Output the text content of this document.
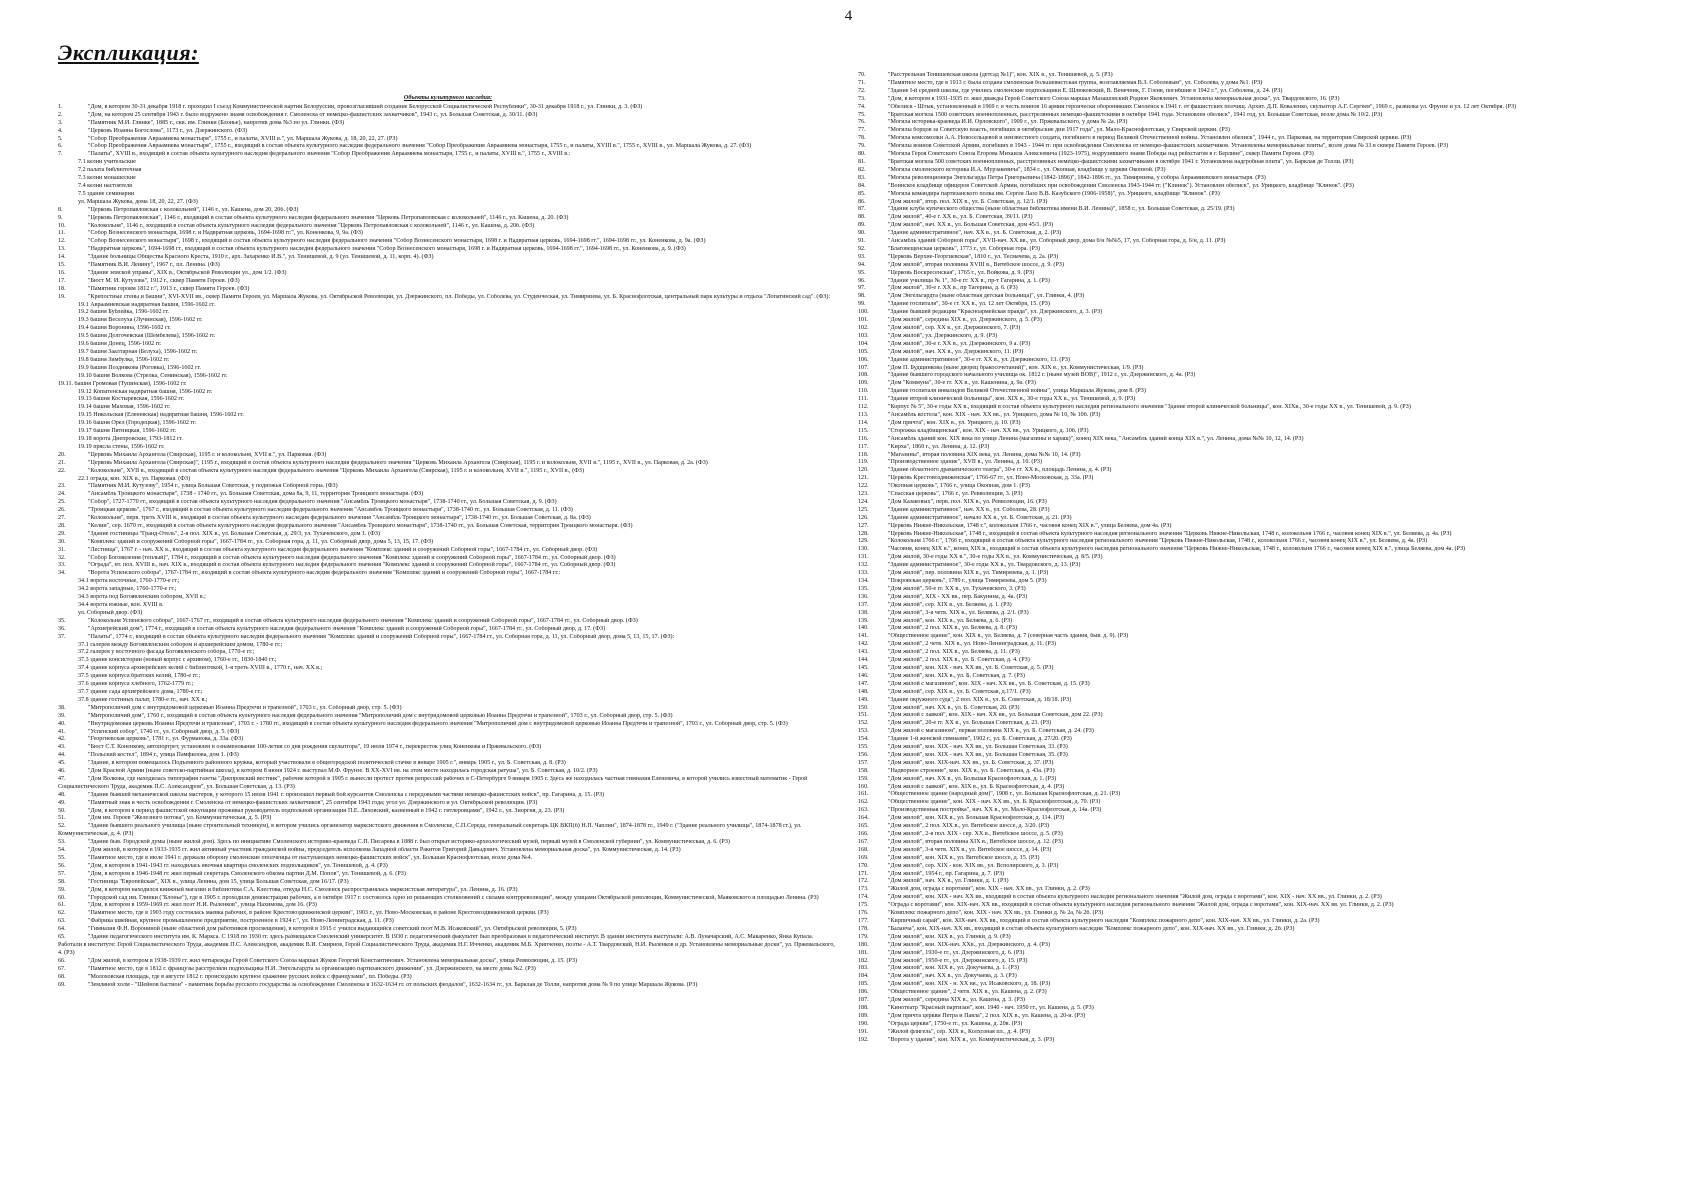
4
Экспликация:
Объекты культурного наследия:
1.	"Дом, в котором 30-31 декабря 1918 г. проходил I съезд Коммунистической партии Белоруссии, провозгласивший создание Белорусской Социалистической Республики", 30-31 декабря 1918 г., ул. Глинки, д. 3. (ФЗ)
2.	"Дом, на котором 25 сентября 1943 г. было водружено знамя освобождения г. Смоленска от немецко-фашистских захватчиков", 1943 г., ул. Большая Советская, д. 30/11. (ФЗ)
3.	"Памятник М.И. Глинке", 1885 г., скв. им. Глинки (Блонье), напротив дома №3 по ул. Глинки. (ФЗ)
4.	"Церковь Иоанна Богослова", 1173 г., ул. Дзержинского. (ФЗ)
5.	"Собор Преображения Авраамиева монастыря", 1755 г., и палаты, XVIII в.", ул. Маршала Жукова, д. 18, 20, 22, 27. (РЗ)
6.	"Собор Преображения Авраамиева монастыря", 1755 г., входящий в состав объекта культурного наследия федерального значения "Собор Преображения Авраамиева монастыря, 1755 г., и палаты, XVIII в.", 1755 г., XVIII в., ул. Маршала Жукова, д. 27. (ФЗ)
7.	"Палаты", XVIII в., входящий в состав объекта культурного наследия федерального значения "Собор Преображения Авраамиева монастыря, 1755 г., и палаты, XVIII в.", 1755 г., XVIII в.:
7.1 келии учительские
7.2 палата библиотечная
7.3 келии монашеские
7.4 келии настоятеля
7.5 здание семинарии
ул. Маршала Жукова, дома 18, 20, 22, 27. (ФЗ)
8.	"Церковь Петропавловская с колокольней", 1146 г., ул. Кашена, дом 20, 20б. (ФЗ)
9.	"Церковь Петропавловская", 1146 г., входящий в состав объекта культурного наследия федерального значения "Церковь Петропавловская с колокольней", 1146 г., ул. Кашена, д. 20. (ФЗ)
10.	"Колокольня", 1146 г., входящий в состав объекта культурного наследия федерального значения "Церковь Петропавловская с колокольней", 1146 г., ул. Кашена, д. 20б. (ФЗ)
11.	"Собор Вознесенского монастыря, 1698 г. и Надвратная церковь, 1694-1698 гг.", ул. Коненкова, 9, 9а. (ФЗ)
12.	"Собор Вознесенского монастыря", 1698 г., входящий в состав объекта культурного наследия федерального значения "Собор Вознесенского монастыря, 1698 г. и Надвратная церковь, 1694-1698 гг.", 1694-1698 гг., ул. Коненкова, д. 9а. (ФЗ)
13.	"Надвратная церковь", 1694-1698 гг., входящий в состав объекта культурного наследия федерального значения "Собор Вознесенского монастыря, 1698 г. и Надвратная церковь, 1694-1698 гг.", 1694-1698 гг., ул. Коненкова, д. 9. (ФЗ)
14.	"Здание больницы Общества Красного Креста, 1910 г., арх. Захаренко И.В.", ул. Тенишевой, д. 9 (ул. Тенишевой, д. 11, корп. 4). (ФЗ)
15.	"Памятник В.И. Ленину", 1967 г., пл. Ленина. (ФЗ)
16.	"Здание земской управы", XIX в., Октябрьской Революции ул., дом 1/2. (ФЗ)
17.	"Бюст М. И. Кутузова", 1912 г., сквер Памяти Героев. (ФЗ)
18.	"Памятник героям 1812 г.", 1913 г., сквер Памяти Героев. (ФЗ)
19.	"Крепостные стены и башни", XVI-XVII вв., сквер Памяти Героев, ул. Маршала Жукова, ул. Октябрьской Революции, ул. Дзержинского, пл. Победы, ул. Соболева, ул. Студенческая, ул. Тимирязева, ул. Б. Краснофлотская, центральный парк культуры и отдыха "Лопатинский сад". (ФЗ):
19.1 Авраамиевская надвратная башня, 1596-1602 гг.
19.2 башня Бублейка, 1596-1602 гг.
19.3 башня Веселуха (Лучинская), 1596-1602 гг.
19.4 башня Воронина, 1596-1602 гг.
19.5 башня Долгочевская (Шембелева), 1596-1602 гг.
19.6 башня Донец, 1596-1602 гг.
19.7 башня Заалтарная (Белуха), 1596-1602 гг.
19.8 башня Зимбулка, 1596-1602 гг.
19.9 башня Позднякова (Роговка), 1596-1602 гг.
19.10 башня Волкова (Стрелка, Семинская), 1596-1602 гг.
19.11. башня Громовая (Тупинская), 1596-1602 гг.
19.12 Копытенская надвратная башня, 1596-1602 гг.
19.13 башня Костыревская, 1596-1602 гг.
19.14 башня Маховая, 1596-1602 гг.
19.15 Никольская (Еленевская) надвратная башня, 1596-1602 гг.
19.16 башня Орел (Городецкая), 1596-1602 гг.
19.17 башня Пятницкая, 1596-1602 гг.
19.18 ворота Днепровские, 1793-1812 гг.
19.19 прясла стены, 1596-1602 гг.
20.	"Церковь Михаила Архангела (Свирская), 1195 г. и колокольня, XVII в.", ул. Парковая. (ФЗ)
21.	"Церковь Михаила Архангела (Свирская)", 1195 г., входящий в состав объекта культурного наследия федерального значения "Церковь Михаила Архангела (Свирская), 1195 г. и колокольня, XVII в.", 1195 г., XVII в., ул. Парковая, д. 2а. (ФЗ)
22.	"Колокольня", XVII в., входящий в состав объекта культурного наследия федерального значения "Церковь Михаила Архангела (Свирская), 1195 г. и колокольня, XVII в.", 1195 г., XVII в., (ФЗ)
22.1 ограда, кон. XIX в., ул. Парковая. (ФЗ)
23.	"Памятник М.И. Кутузову", 1954 г., улица Большая Советская, у подножья Соборной горы. (ФЗ)
24.	"Ансамбль Троицкого монастыря", 1738 - 1740 гг., ул. Большая Советская, дома 8а, 9, 11, территория Троицкого монастыря. (ФЗ)
25.	"Собор", 1727-1770 гг., входящий в состав объекта культурного наследия федерального значения "Ансамбль Троицкого монастыря", 1738-1740 гг., ул. Большая Советская, д. 9. (ФЗ)
26.	"Троицкая церковь", 1767 г., входящий в состав объекта культурного наследия федерального значения "Ансамбль Троицкого монастыря", 1738-1740 гг., ул. Большая Советская, д. 11. (ФЗ)
27.	"Колокольня", перв. треть XVIII в., входящий в состав объекта культурного наследия федерального значения "Ансамбль Троицкого монастыря", 1738-1740 гг., ул. Большая Советская, д. 8а. (ФЗ)
28.	"Келии", сер. 1670 гг., входящий в состав объекта культурного наследия федерального значения "Ансамбль Троицкого монастыря", 1738-1740 гг., ул. Большая Советская, территория Троицкого монастыря. (ФЗ)
29.	"Здание гостиницы "Гранд-Отель", 2-я пол. XIX в., ул. Большая Советская, д. 29/3, ул. Тухачевского, дом 1. (ФЗ)
30.	"Комплекс зданий и сооружений Соборной горы", 1667-1784 гг., ул. Соборная гора, д. 11, ул. Соборный двор, дома 5, 13, 15, 17. (ФЗ)
31.	"Лестница", 1767 г. - нач. XX в., входящий в состав объекта культурного наследия федерального значения "Комплекс зданий и сооружений Соборной горы", 1667-1784 гг., ул. Соборный двор. (ФЗ)
32.	"Собор Богоявления (теплый)", 1784 г., входящий в состав объекта культурного наследия федерального значения "Комплекс зданий и сооружений Соборной горы", 1667-1784 гг., ул. Соборный двор. (ФЗ)
33.	"Ограда", нт. пол. XVIII в., нач. XIX в., входящий в состав объекта культурного наследия федерального значения "Комплекс зданий и сооружений Соборной горы", 1667-1784 гг., ул. Соборный двор. (ФЗ)
34.	"Ворота Успенского собора", 1767-1784 гг., входящий в состав объекта культурного наследия федерального значения "Комплекс зданий и сооружений Соборной горы", 1667-1784 гг.:
34.1 ворота восточные, 1760-1770-е гг.;
34.2 ворота западные, 1760-1770-е гг.;
34.3 ворота под Богоявленским собором, XVII в.;
34.4 ворота южные, кон. XVIII в.
ул. Соборный двор. (ФЗ)
35.	"Колокольня Успенского собора", 1667-1767 гг., входящий в состав объекта культурного наследия федерального значения "Комплекс зданий и сооружений Соборной горы", 1667-1784 гг., ул. Соборный двор. (ФЗ)
36.	"Архиерейский дом", 1774 г., входящий в состав объекта культурного наследия федерального значения "Комплекс зданий и сооружений Соборной горы", 1667-1784 гг., ул. Соборный двор, д. 17. (ФЗ)
37.	"Палаты", 1774 г., входящий в состав объекта культурного наследия федерального значения "Комплекс зданий и сооружений Соборной горы", 1667-1784 гг., ул. Соборная гора, д. 11, ул. Соборный двор, дома 5, 13, 15, 17. (ФЗ):
37.1 галерея между Богоявленским собором и архиерейским домом, 1780-е гг.;
37.2 галерея у восточного фасада Богоявленского собора, 1770-е гг.;
37.3 здание консистории (новый корпус с архивом), 1760-е гг., 1830-1840 гг.;
37.4 здание корпуса архиерейских келий с библиотекой, 1-я треть XVIII в., 1770 г., нач. XX в.;
37.5 здание корпуса братских келий, 1780-е гг.;
37.6 здание корпуса хлебного, 1762-1779 гг.;
37.7 здание сада архиерейского дома, 1780-е гг.;
37.8 здание гостиных палат, 1780-е гг., нач. XX в.;
38.	"Митрополичий дом с внутридомовой церковью Иоанна Предтечи и трапезной", 1703 г., ул. Соборный двор, стр. 5. (ФЗ)
39.	"Митрополичий дом", 1760 г., входящий в состав объекта культурного наследия федерального значения "Митрополичий дом с внутридомовой церковью Иоанна Предтечи и трапезной", 1703 г., ул. Соборный двор, стр. 5. (ФЗ)
40.	"Внутридомовая церковь Иоанна Предтечи и трапезная", 1703 г. - 1780 гг., входящий в состав объекта культурного наследия федерального значения "Митрополичий дом с внутридомовой церковью Иоанна Предтечи и трапезной", 1703 г., ул. Соборный двор, стр. 5. (ФЗ)
41.	"Успенский собор", 1740 гг., ул. Соборный двор, д. 5. (ФЗ)
42.	"Георгиевская церковь", 1781 г., ул. Фурманова, д. 33а. (ФЗ)
43.	"Бюст С.Т. Коненкову, автопортрет, установлен в ознаменование 100-летия со дня рождения скульптора", 19 июля 1974 г., перекресток улиц Коненкова и Пржевальского. (ФЗ)
44.	"Польский костел", 1894 г., улица Памфилова, дом 1. (ФЗ)
45.	"Здание, в котором помещалось Подъемного районного кружка, который участвовали в общегородской политической стачке в январе 1905 г.", январь 1905 г., ул. Б. Советская, д. 8. (РЗ)
46.	"Дом Красной Армии (ныне советско-партийная школа), в котором 8 июня 1924 г. выступал М.Ф. Фрунзе. В XX-XVI вв. на этом месте находилась городская ратуша", ул. Б. Советская, д. 10/2. (РЗ)
47.	"Дом Волкова, где находилась типография газеты "Днепровский вестник", рабочие которой в 1905 г. вынесли протест против репрессий рабочих в С-Петербурге 9 января 1905 г. Здесь же находилась частная гимназия Еленевича, в которой учились известный математик - Герой Социалистического Труда, академик П.С. Александров", ул. Большая Советская, д. 13. (РЗ)
48.	"Здание бывшей механической школы мастеров, у которого 15 июля 1941 г. произошел первый бой курсантов Смоленска с передовыми частями немецко-фашистских войск", пр. Гагарина, д. 15. (РЗ)
49.	"Памятный знак в честь освобождения г. Смоленска от немецко-фашистских захватчиков", 25 сентября 1943 года; угол ул. Дзержинского и ул. Октябрьской революции. (РЗ)
50.	"Дом, в котором в период фашистской оккупации проживал руководитель подпольной организации П.Е. Ляховский, казненный в 1942 г. гитлеровцами", 1942 г., ул. Зиоргия, д. 23. (РЗ)
51.	"Дом им. Героев "Железного потока", ул. Коммунистическая, д. 5. (РЗ)
52.	"Здание бывшего реального училища (ныне строительный техникум), в котором учились организатор марксистского движения в Смоленске, С.П.Середа, генеральный секретарь ЦК ВКП(б) Н.П. Чаплин", 1874-1878 гг., 1949 г. ("Здание реального училища", 1874-1878 гг.), ул. Коммунистическая, д. 4. (РЗ)
53.	"Здание быв. Городской думы (ныне жилой дом). Здесь по инициативе Смоленского историко-краеведа С.П. Писарева в 1888 г. был открыт историко-археологический музей, первый музей в Смоленской губернии", ул. Коммунистическая, д. 6. (РЗ)
54.	"Дом жилой, в котором в 1933-1935 гг. жил активный участник гражданской войны, председатель исполкома Западной области Ракитов Григорий Давыдович. Установлена мемориальная доска", ул. Коммунистическая, д. 14. (РЗ)
55.	"Памятное место, где в июле 1941 г. держали оборону смоленские ополченцы от наступающих немецко-фашистских войск", ул. Большая Краснофлотская, возле дома №4.
56.	"Дом, в котором в 1941-1943 гг. находилась явочная квартира смоленских подпольщиков", ул. Тенишевой, д. 4. (РЗ)
57.	"Дом, в котором в 1946-1948 гг. жил первый секретарь Смоленского обкома партии Д.М. Попов", ул. Тенишевой, д. 6. (РЗ)
58.	"Гостиница "Европейская", XIX в., улица Ленина, дом 15, улица Большая Советская, дом 16/17. (РЗ)
59.	"Дом, в котором находился книжный магазин и библиотека С.А. Клестова, откуда Н.С. Смоленск распространялась марксистская литература", ул. Ленина, д. 16. (РЗ)
60.	"Городской сад им. Глинки ("Блонье"), где в 1905 г. проходили демонстрации рабочих, а в октябре 1917 г. состоялось одно из решающих столкновений с силами контрреволюции", между улицами Октябрьской революции, Коммунистической, Маяковского и площадью Ленина. (РЗ)
61.	"Дом, в котором в 1959-1969 гг. жил поэт Н.И. Рыленков", улица Нахимова, дом 16. (РЗ)
62.	"Памятное место, где в 1903 году состоялась маевка рабочих, в районе Крестовоздвиженской церкви", 1903 г., ул. Ново-Московская, в районе Крестовоздвиженской церкви. (РЗ)
63.	"Фабрика швейная, крупное промышленное предприятие, построенное в 1924 г.", ул. Ново-Ленинградская, д. 11. (РЗ)
64.	"Гимназия Ф.Н. Ворониной (ныне областной дом работников просвещения), в которой в 1915 г. учился выдающийся советский поэт М.В. Исаковский", ул. Октябрьской революции, 5. (РЗ)
65.	"Здание педагогического института им. К. Маркса. С 1918 по 1930 гг. здесь размещался Смоленский университет. В 1930 г. педагогический факультет был преобразован в педагогический институт. В здании института выступали: А.В. Луначарский, А.С. Макаренко, Янка Купала. Работали в институте: Герой Социалистического Труда, академик П.С. Александров, академик В.И. Смирнов, Герой Социалистического Труда, академик Н.Г. Ичченко, академик М.Б. Хрипченко, поэты - А.Т. Твардовский, Н.И. Рыленков и др. Установлены мемориальные доски", ул. Пржевальского, 4. (РЗ)
66.	"Дом жилой, в котором в 1938-1939 гг. жил четырежды Герой Советского Союза маршал Жуков Георгий Константинович. Установлена мемориальная доска", улица Ревволюции, д. 15. (РЗ)
67.	"Памятное место, где в 1812 г. французы расстреляли подпольщика Н.И. Энгельгардта за организацию партизанского движения", ул. Дзержинского, на месте дома №2. (РЗ)
68.	"Молоховская площадь, где в августе 1812 г. происходило крупное сражение русских войск с французами", пл. Победы. (РЗ)
69.	"Земляной холм - "Шейнов бастион" - памятник борьбы русского государства за освобождение Смоленска в 1632-1634 гг. от польских феодалов", 1632-1634 гг., ул. Барклая де Толли, напротив дома № 9 по улице Маршала Жукова. (РЗ)
70.	"Расстрельная Тенишевская школа (детсад №1)", кон. XIX в., ул. Тенишевой, д. 5. (РЗ)
71.	"Памятное место, где в 1913 г. была создана смоленская большевистская группа, возглавляемая В.З. Соболевым", ул. Соболева, у дома №1. (РЗ)
72.	"Здание I-й средней школы, где учились смоленские подпольщики Е. Шлюковский, В. Венечник, Г. Гоенв, погибшие в 1942 г.", ул. Соболева, д. 24. (РЗ)
73.	"Дом, в котором в 1931-1935 гг. жил дважды Герой Советского Союза маршал Мазашовский Родион Яковлевич. Установлена мемориальная доска", ул. Твардовского, 16. (РЗ)
74.	"Обелиск - Штык, установленный в 1969 г. в честь воинов 16 армии героически оборонявших Смоленск в 1941 г. от фашистских полчищ. Архит. Д.П. Коваленко, скульптор А.Г. Сергеев", 1969 г., развилка ул. Фрунзе и ул. 12 лет Октября. (РЗ)
75.	"Братская могила 1500 советских военнопленных, расстрелянных немецко-фашистскими в октябре 1941 года. Установлен обелиск", 1941 год, ул. Большая Советская, возле дома № 10/2. (РЗ)
76.	"Могила историка-краеведа И.И. Орловского", 1909 г., ул. Пржевальского, у дома № 2а. (РЗ)
77.	"Могилы борцов за Советскую власть, погибших в октябрьские дни 1917 года", ул. Мало-Краснофлотская, у Свирской церкви. (РЗ)
78.	"Могила комсомолки А.А. Новосельцевой и неизвестного солдата, погибшего в период Великой Отечественной войны. Установлен обелиск", 1944 г., ул. Парковая, на территории Свирской церкви. (РЗ)
79.	"Могилы воинов Советской Армии, погибших в 1943 - 1944 гг. при освобождении Смоленска от немецко-фашистских захватчиков. Установлены мемориальные плиты", возле дома № 33 в сквере Памяти Героев. (РЗ)
80.	"Могила Героя Советского Союза Егорова Михаила Алексеевича (1923-1975), водрузившего знамя Победы над рейхстагом в г. Берлине", сквер Памяти Героев. (РЗ)
81.	"Братская могила 500 советских военнопленных, расстрелянных немецко-фашистскими захватчиками в октябре 1941 г. Установлена надгробная плита", ул. Барклая де Толли. (РЗ)
82.	"Могила смоленского историка И.А. Мурзакевича", 1834 г., ул. Окопная, кладбище у церкви Окопной. (РЗ)
83.	"Могила революционера Энгельгарда Петра Григорьевича (1842-1896)", 1842-1896 гг., ул. Тимирязева, у собора Авраамиевского монастыря. (РЗ)
84.	"Воинское кладбище офицеров Советской Армии, погибших при освобождении Смоленска 1943-1944 гг. ("Клинок"). Установлен обелиск", ул. Урицкого, кладбище "Клинок". (РЗ)
85.	"Могила командира партизанского полка им. Сергея Лазо В.В. Казубского (1906-1958)", ул. Урицкого, кладбище "Клинок". (РЗ)
86.	"Дом жилой", втор. пол. XIX в., ул. Б. Советская, д. 12/1. (РЗ)
87.	"Здание клуба купеческого общества (ныне областная библиотека имени В.И. Ленина)", 1858 г., ул. Большая Советская, д. 25/19. (РЗ)
88.	"Дом жилой", 40-е г. XX в., ул. Б. Советская, 39/11. (РЗ)
89.	"Дом жилой", нач. XX в., ул. Большая Советская, дом 45/1. (РЗ)
90.	"Здание административное", нач. XX в., ул. Б. Советская, д. 2. (РЗ)
91.	"Ансамбль зданий Соборной горы", XVII-нач. XX вв., ул. Соборный двор, дома б/н №№5, 17, ул. Соборная гора, д. 6/н, д. 11. (РЗ)
92.	"Благовещенская церковь", 1773 г., ул. Соборная гора. (РЗ)
93.	"Церковь Верхне-Георгиевская", 1810 г., ул. Тесмачева, д. 2а. (РЗ)
94.	"Дом жилой", вторая половина XVIII в., Витебское шоссе, д. 9. (РЗ)
95.	"Церковь Воскресенская", 1765 г., ул. Войкова, д. 9. (РЗ)
96.	"Здание училища № 1", 30-е гг. XX в., пр-т Гагарина, д. 1. (РЗ)
97.	"Дом жилой", 30-е г. XX в., пр Тагерина, д. 6. (РЗ)
98.	"Дом Энгельгардта (ныне областная детская больница)", ул. Глинки, 4. (РЗ)
99.	"Здание госпиталя", 30-е гг. XX в., ул. 12 лет Октября, 15. (РЗ)
100.	"Здание бывшей редакции "Красноармейская правда", ул. Дзержинского, д. 3. (РЗ)
101.	"Дом жилой", середина XIX в., ул. Дзержинского, д. 5. (РЗ)
102.	"Дом жилой", сер. XX в., ул. Дзержинского, 7. (РЗ)
103.	"Дом жилой", ул. Дзержинского, д. 9. (РЗ)
104.	"Дом жилой", 30-е г. XX в., ул. Дзержинского, 9 а. (РЗ)
105.	"Дом жилой", нач. XX в., ул. Дзержинского, 11. (РЗ)
106.	"Здание административное", 30-е гг. XX в., ул. Дзержинского, 13. (РЗ)
107.	"Дом П. Будщинкова (ныне дворец бракосочетаний)", кон. XIX в., ул. Коммунистическая, 1/9. (РЗ)
108.	"Здание бывшего городского начального училища ок. 1812 г. (ныне музей ВОВ)", 1912 г., ул. Дзержинского, д. 4а. (РЗ)
109.	"Дом "Коммуна", 30-е гг. XX в., ул. Кашенина, д. 9а. (РЗ)
110.	"Здание госпиталя инвалидов Великой Отечественной войны", улица Маршала Жукова, дом 8. (РЗ)
111.	"Здание второй клинической больницы", кон. XIX в., 30-е годы XX в., ул. Тенишевой, д. 9. (РЗ)
112.	"Корпус № 5", 30-е годы XX в., входящий в состав объекта культурного наследия регионального значения "Здание второй клинической больницы", кон. XIXв., 30-е годы XX в., ул. Тенишевой, д. 9. (РЗ)
113.	"Ансамбль костела", кон. XIX - нач. XX вв., ул. Урицкого, дома № 10, № 10б. (РЗ)
114.	"Дом причта", кон. XIX в., ул. Урицкого, д. 10. (РЗ)
115.	"Сторожка кладбищенская", кон. XIX - нач. XX вв., ул. Урицкого, д. 10б. (РЗ)
116.	"Ансамбль зданий кон. XIX века по улице Ленина (магазины и хараш)", конец XIX века, "Ансамбль зданий конца XIX в.", ул. Ленина, дома №№ 10, 12, 14. (РЗ)
117.	"Кирха", 1860 г., ул. Ленина, д. 12. (РЗ)
118.	"Магазины", вторая половина XIX века, ул. Ленина, дома №№ 10, 14. (РЗ)
119.	"Производственное здание", XVII в., ул. Ленина, д. 10. (РЗ)
120.	"Здание областного драматического театра", 30-е гг. XX в., площадь Ленина, д. 4. (РЗ)
121.	"Церковь Крестовоздвиженская", 1766-67 гг., ул. Ново-Московская, д. 33а. (РЗ)
122.	"Окопная церковь", 1766 г., улица Окопная, дом 1. (РЗ)
123.	"Спасская церковь", 1766 г., ул. Ревволюции, 3. (РЗ)
124.	"Дом Казаковых", перв. пол. XIX в., ул. Ревволюции, 16. (РЗ)
125.	"Здание административное", нач. XX в., ул. Соболева, 28. (РЗ)
126.	"Здание административное", начало XX в., ул. Б. Советская, д. 21. (РЗ)
127.	"Церковь Нижне-Никольская, 1748 г.", колокольня 1766 г., часовня конец XIX в.", улица Беляева, дом 4а. (РЗ)
128.	"Церковь Нижне-Никольская", 1748 г., входящий в состав объекта культурного наследия регионального значения "Церковь Нижне-Никольская, 1748 г., колокольня 1766 г., часовня конец XIX в.", ул. Беляева, д. 4а. (РЗ)
129.	"Колокольня 1766 г.", 1766 г., входящий в состав объекта культурного наследия регионального значения "Церковь Нижне-Никольская, 1748 г., колокольня 1766 г., часовня конец XIX в.", ул. Беляева, д. 4а. (РЗ)
130.	"Часовня, конец XIX в.", конец XIX в., входящий в состав объекта культурного наследия регионального значения "Церковь Нижне-Никольская, 1748 г., колокольня 1766 г., часовня конец XIX в.", улица Беляева, дом 4а. (РЗ)
131.	"Дом жилой, 30-е годы XX в.", 30-е годы XX в., ул. Коммунистическая, д. 8/5. (РЗ)
132.	"Здание административное", 30-е годы XX в., ул. Твардовского, д. 13. (РЗ)
133.	"Дом жилой", пер. половина XIX в., ул. Тимирязева, д. 1. (РЗ)
134.	"Покровская церковь", 1789 г., улица Тимирязева, дом 5. (РЗ)
135.	"Дом жилой", 50-е гг. XX в., ул. Тухачевского, 3. (РЗ)
136.	"Дом жилой", XIX - XX вв., пер. Бакунина, д. 4а. (РЗ)
137.	"Дом жилой", сер. XIX в., ул. Беляева, д. 1. (РЗ)
138.	"Дом жилой", 3-я четв. XIX в., ул. Беляева, д. 2/1. (РЗ)
139.	"Дом жилой", кон. XIX в., ул. Беляева, д. 6. (РЗ)
140.	"Дом жилой", 2 пол. XIX в., ул. Беляева, д. 8. (РЗ)
141.	"Общественное здание", кон. XIX в., ул. Беляева, д. 7 (северная часть здания, быв. д. 9). (РЗ)
142.	"Дом жилой", 2 четв. XIX в., ул. Ново-Ленинградская, д. 11. (РЗ)
143.	"Дом жилой", 2 пол. XIX в., ул. Беляева, д. 11. (РЗ)
144.	"Дом жилой", 2 пол. XIX в., ул. Б. Советская, д. 4. (РЗ)
145.	"Дом жилой", кон. XIX - нач. XX вв., ул. Б. Советская, д. 5. (РЗ)
146.	"Дом жилой", кон. XIX в., ул. Б. Советская, д. 7. (РЗ)
147.	"Дом жилой с магазином", кон. XIX - нач. XX вв., ул. Б. Советская, д. 15. (РЗ)
148.	"Дом жилой", сер. XIX в., ул. Б. Советская, д.17/1. (РЗ)
149.	"Здание окружного суда", 2 пол. XIX в., ул. Б. Советская, д. 18/18. (РЗ)
150.	"Дом жилой", нач. XX в., ул. Б. Советская, 20. (РЗ)
151.	"Дом жилой с лавкой", кон. XIX - нач. XX вв., ул. Большая Советская, дом 22. (РЗ)
152.	"Дом жилой", 20-е гг. XX в., ул. Большая Советская, д. 23. (РЗ)
153.	"Дом жилой с магазином", первая половина XIX в., ул. Б. Советская, д. 24. (РЗ)
154.	"Здание 1-й женской гимназии", 1902 г., ул. Б. Советская, д. 27/20. (РЗ)
155.	"Дом жилой", кон. XIX - нач. XX вв., ул. Большая Советская, 33. (РЗ)
156.	"Дом жилой", кон. XIX - нач. XX вв., ул. Большая Советская, 35. (РЗ)
157.	"Дом жилой", кон. XIX-нач. XX вв., ул. Б. Советская, д. 37. (РЗ)
158.	"Надворное строение", кон. XIX в., ул. Б. Советская, д. 43а. (РЗ)
159.	"Дом жилой", нач. XX в., ул. Большая Краснофлотская, д. 1. (РЗ)
160.	"Дом жилой с лавкой", кон. XIX в., ул. Б. Краснофлотская, д. 4. (РЗ)
161.	"Общественное здание (народный дом)", 1908 г., ул. Большая Краснофлотская, д. 21. (РЗ)
162.	"Общественное здание", кон. XIX - нач. XX вв., ул. Б. Краснофлотская, д. 70. (РЗ)
163.	"Производственная постройка", нач. XX в., ул. Мало-Краснофлотская, д. 14а. (РЗ)
164.	"Дом жилой", кон. XIX в., ул. Большая Краснофлотская, д. 114. (РЗ)
165.	"Дом жилой", 2 пол. XIX в., ул. Витебское шоссе, д. 3/20. (РЗ)
166.	"Дом жилой", 2-я пол. XIX - сер. XX в., Витебское шоссе, д. 5. (РЗ)
167.	"Дом жилой", вторая половина XIX в., Витебское шоссе, д. 12. (РЗ)
168.	"Дом жилой", 3-я четв. XIX в., ул. Витебское шоссе, д. 14. (РЗ)
169.	"Дом жилой", кон. XIX в., ул. Витебское шоссе, д. 15. (РЗ)
170.	"Дом жилой", сер. XIX - кон. XIX вв., ул. Всполирского, д. 3. (РЗ)
171.	"Дом жилой", 1954 г., пр. Гагарина, д. 7. (РЗ)
172.	"Дом жилой", нач. XX в., ул. Глинки, д. 1. (РЗ)
173.	"Жилой дом, ограда с воротами", кон. XIX - нач. XX вв., ул. Глинки, д. 2. (РЗ)
174.	"Дом жилой", кон. XIX - нач. XX вв., входящий в состав объекта культурного наследия регионального значения "Жилой дом, ограда с воротами", кон. XIX - нач. XX вв., ул. Глинки, д. 2. (РЗ)
175.	"Ограда с воротами", кон. XIX-нач. XX вв., входящий в состав объекта культурного наследия регионального значения "Жилой дом, ограда с воротами", кон. XIX-нач. XX вв. ул. Глинки, д. 2. (РЗ)
176.	"Комплекс пожарного депо", кон. XIX - нач. XX вв., ул. Глинки д. № 2а, № 2б. (РЗ)
177.	"Кирпичный сарай", кон. XIX-нач. XX вв., входящий в состав объекта культурного наследия "Комплекс пожарного депо", кон. XIX-нач. XX вв., ул. Глинки, д. 2а. (РЗ)
178.	"Баланча", кон. XIX-нач. XX вв., входящий в состав объекта культурного наследия "Комплекс пожарного депо", кон. XIX-нач. XX вв., ул. Глинки, д. 2б. (РЗ)
179.	"Дом жилой", кон. XIX в., ул. Глинки, д. 9. (РЗ)
180.	"Дом жилой", кон. XIX-нач. XXв., ул. Дзержинского, д. 4. (РЗ)
181.	"Дом жилой", 1930-е гг., ул. Дзержинского, д. 6. (РЗ)
182.	"Дом жилой", 1950-е гг., ул. Дзержинского, д. 15. (РЗ)
183.	"Дом жилой", кон. XIX в., ул. Докучаева, д. 1. (РЗ)
184.	"Дом жилой", нач. XX в., ул. Докучаева, д. 3. (РЗ)
185.	"Дом жилой", кон. XIX - н. XX вв., ул. Исаковского, д. 18. (РЗ)
186.	"Общественное здание", 2 четв. XIX в., ул. Кашена, д. 2. (РЗ)
187.	"Дом жилой", середина XIX в., ул. Кашена, д. 3. (РЗ)
188.	"Кинотеатр "Красный партизан", кон. 1940 - нач. 1950 гг., ул. Кашена, д. 5. (РЗ)
189.	"Дом причта церкви Петра и Павла", 2 пол. XIX в., ул. Кашена, д. 20-и. (РЗ)
190.	"Ограда церкви", 1750-е гг., ул. Кашена, д. 20в. (РЗ)
191.	"Жилой флигель", сер. XIX в., Колхозная пл., д. 4. (РЗ)
192.	"Ворота у здания", кон. XIX в., ул. Коммунистическая, д. 3. (РЗ)
